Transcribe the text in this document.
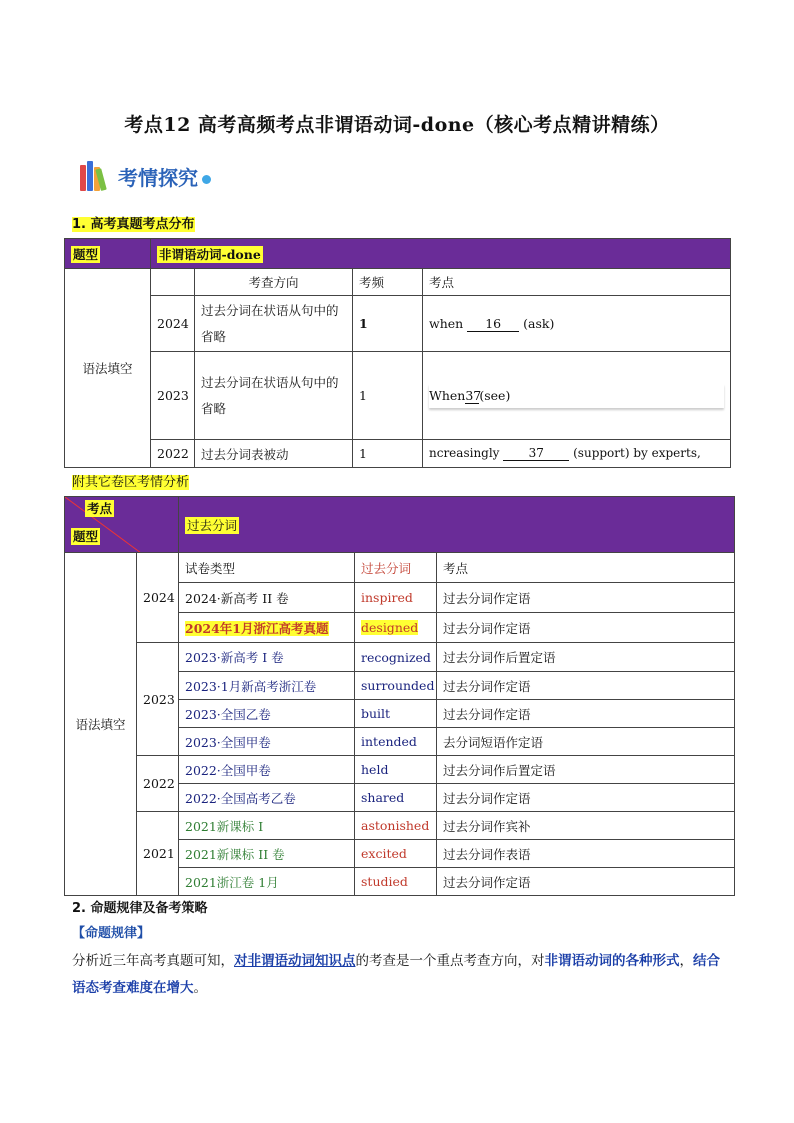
考点12 高考高频考点非谓语动词-done（核心考点精讲精练）
考情探究
1. 高考真题考点分布
题型	非谓语动词-done			
语法填空		考查方向	考频	考点
	2024	过去分词在状语从句中的省略	1	when 16 (ask)
	2023	过去分词在状语从句中的省略	1	When37(see)

	2022	过去分词表被动	1	ncreasingly 37 (support) by experts,
附其它卷区考情分析
考点
题型		过去分词		
语法填空	2024	试卷类型	过去分词	考点
		2024·新高考 II 卷	inspired	过去分词作定语
		2024年1月浙江高考真题	designed	过去分词作定语
	2023	2023·新高考 I 卷	recognized	过去分词作后置定语
		2023·1月新高考浙江卷	surrounded	过去分词作定语
		2023·全国乙卷	built	过去分词作定语
		2023·全国甲卷	intended	去分词短语作定语
	2022	2022·全国甲卷	held	过去分词作后置定语
		2022·全国高考乙卷	shared	过去分词作定语
	2021	2021新课标 I	astonished	过去分词作宾补
		2021新课标 II 卷	excited	过去分词作表语
		2021浙江卷 1月	studied	过去分词作定语
2. 命题规律及备考策略
【命题规律】
分析近三年高考真题可知，对非谓语动词知识点的考查是一个重点考查方向，对非谓语动词的各种形式，结合语态考查难度在增大。
